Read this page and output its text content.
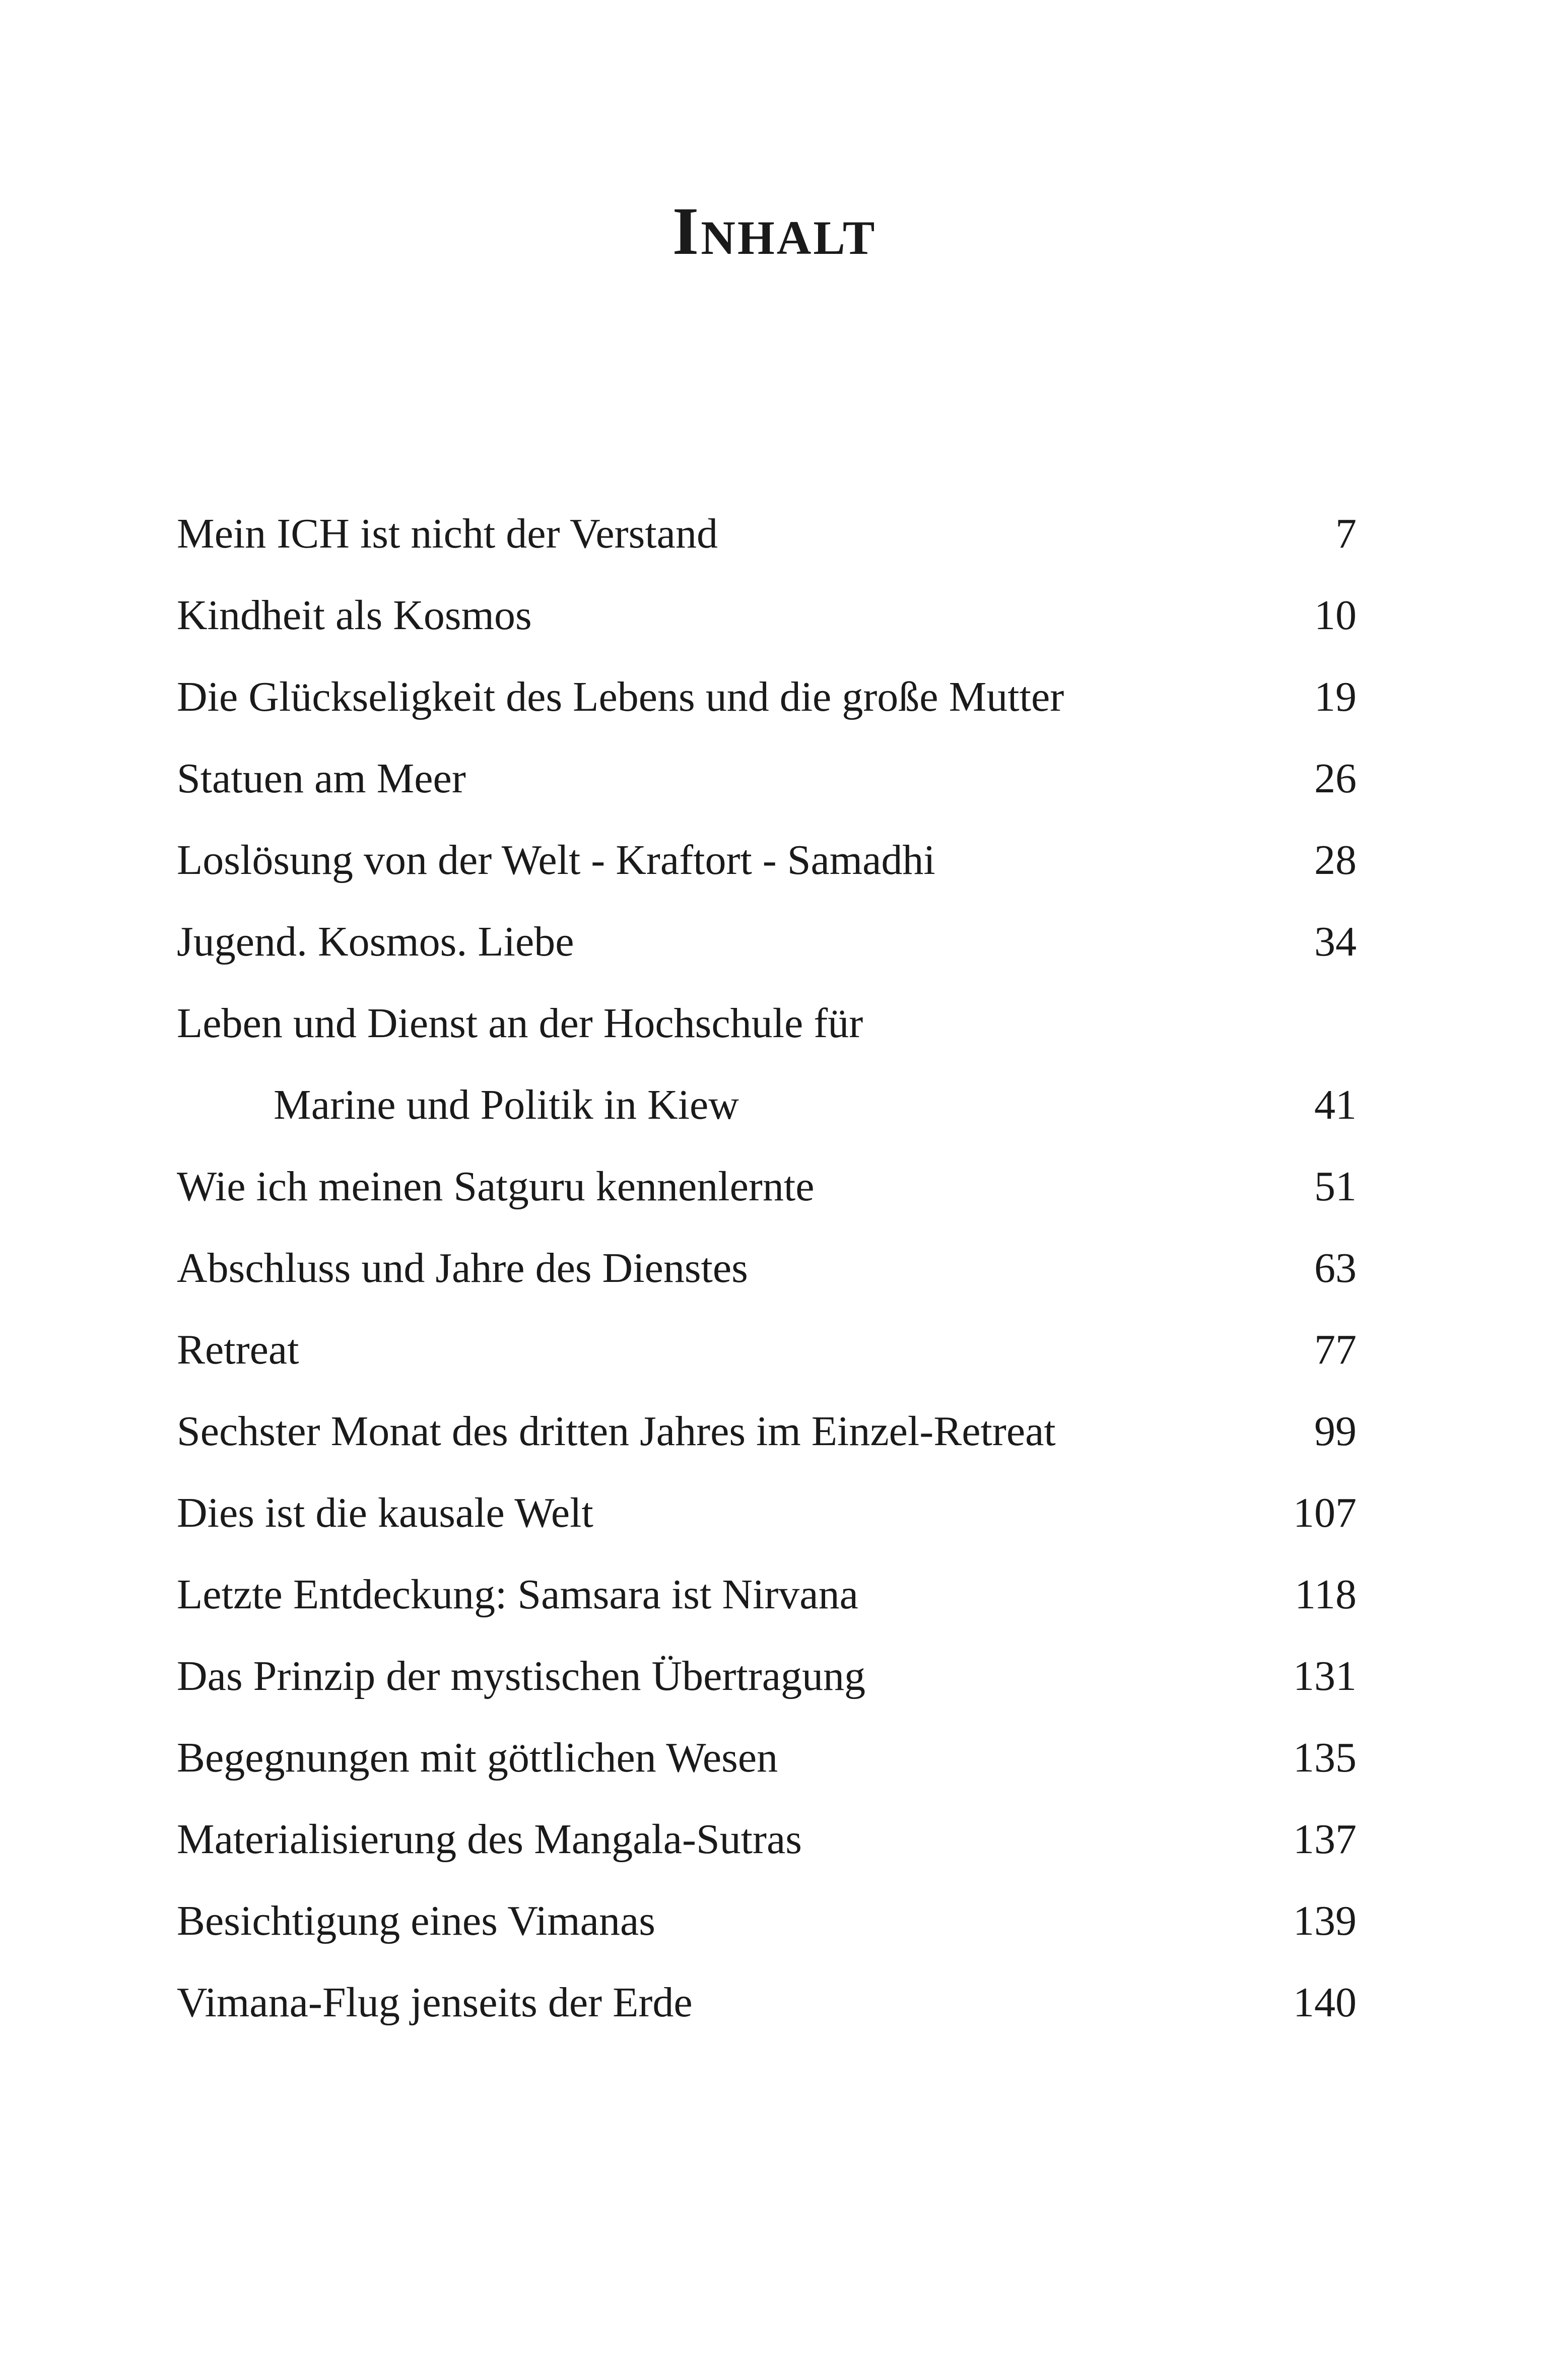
Inhalt
Mein ICH ist nicht der Verstand	7
Kindheit als Kosmos	10
Die Glückseligkeit des Lebens und die große Mutter	19
Statuen am Meer	26
Loslösung von der Welt - Kraftort - Samadhi	28
Jugend. Kosmos. Liebe	34
Leben und Dienst an der Hochschule für
Marine und Politik in Kiew	41
Wie ich meinen Satguru kennenlernte	51
Abschluss und Jahre des Dienstes	63
Retreat	77
Sechster Monat des dritten Jahres im Einzel-Retreat	99
Dies ist die kausale Welt	107
Letzte Entdeckung: Samsara ist Nirvana	118
Das Prinzip der mystischen Übertragung	131
Begegnungen mit göttlichen Wesen	135
Materialisierung des Mangala-Sutras	137
Besichtigung eines Vimanas	139
Vimana-Flug jenseits der Erde	140
